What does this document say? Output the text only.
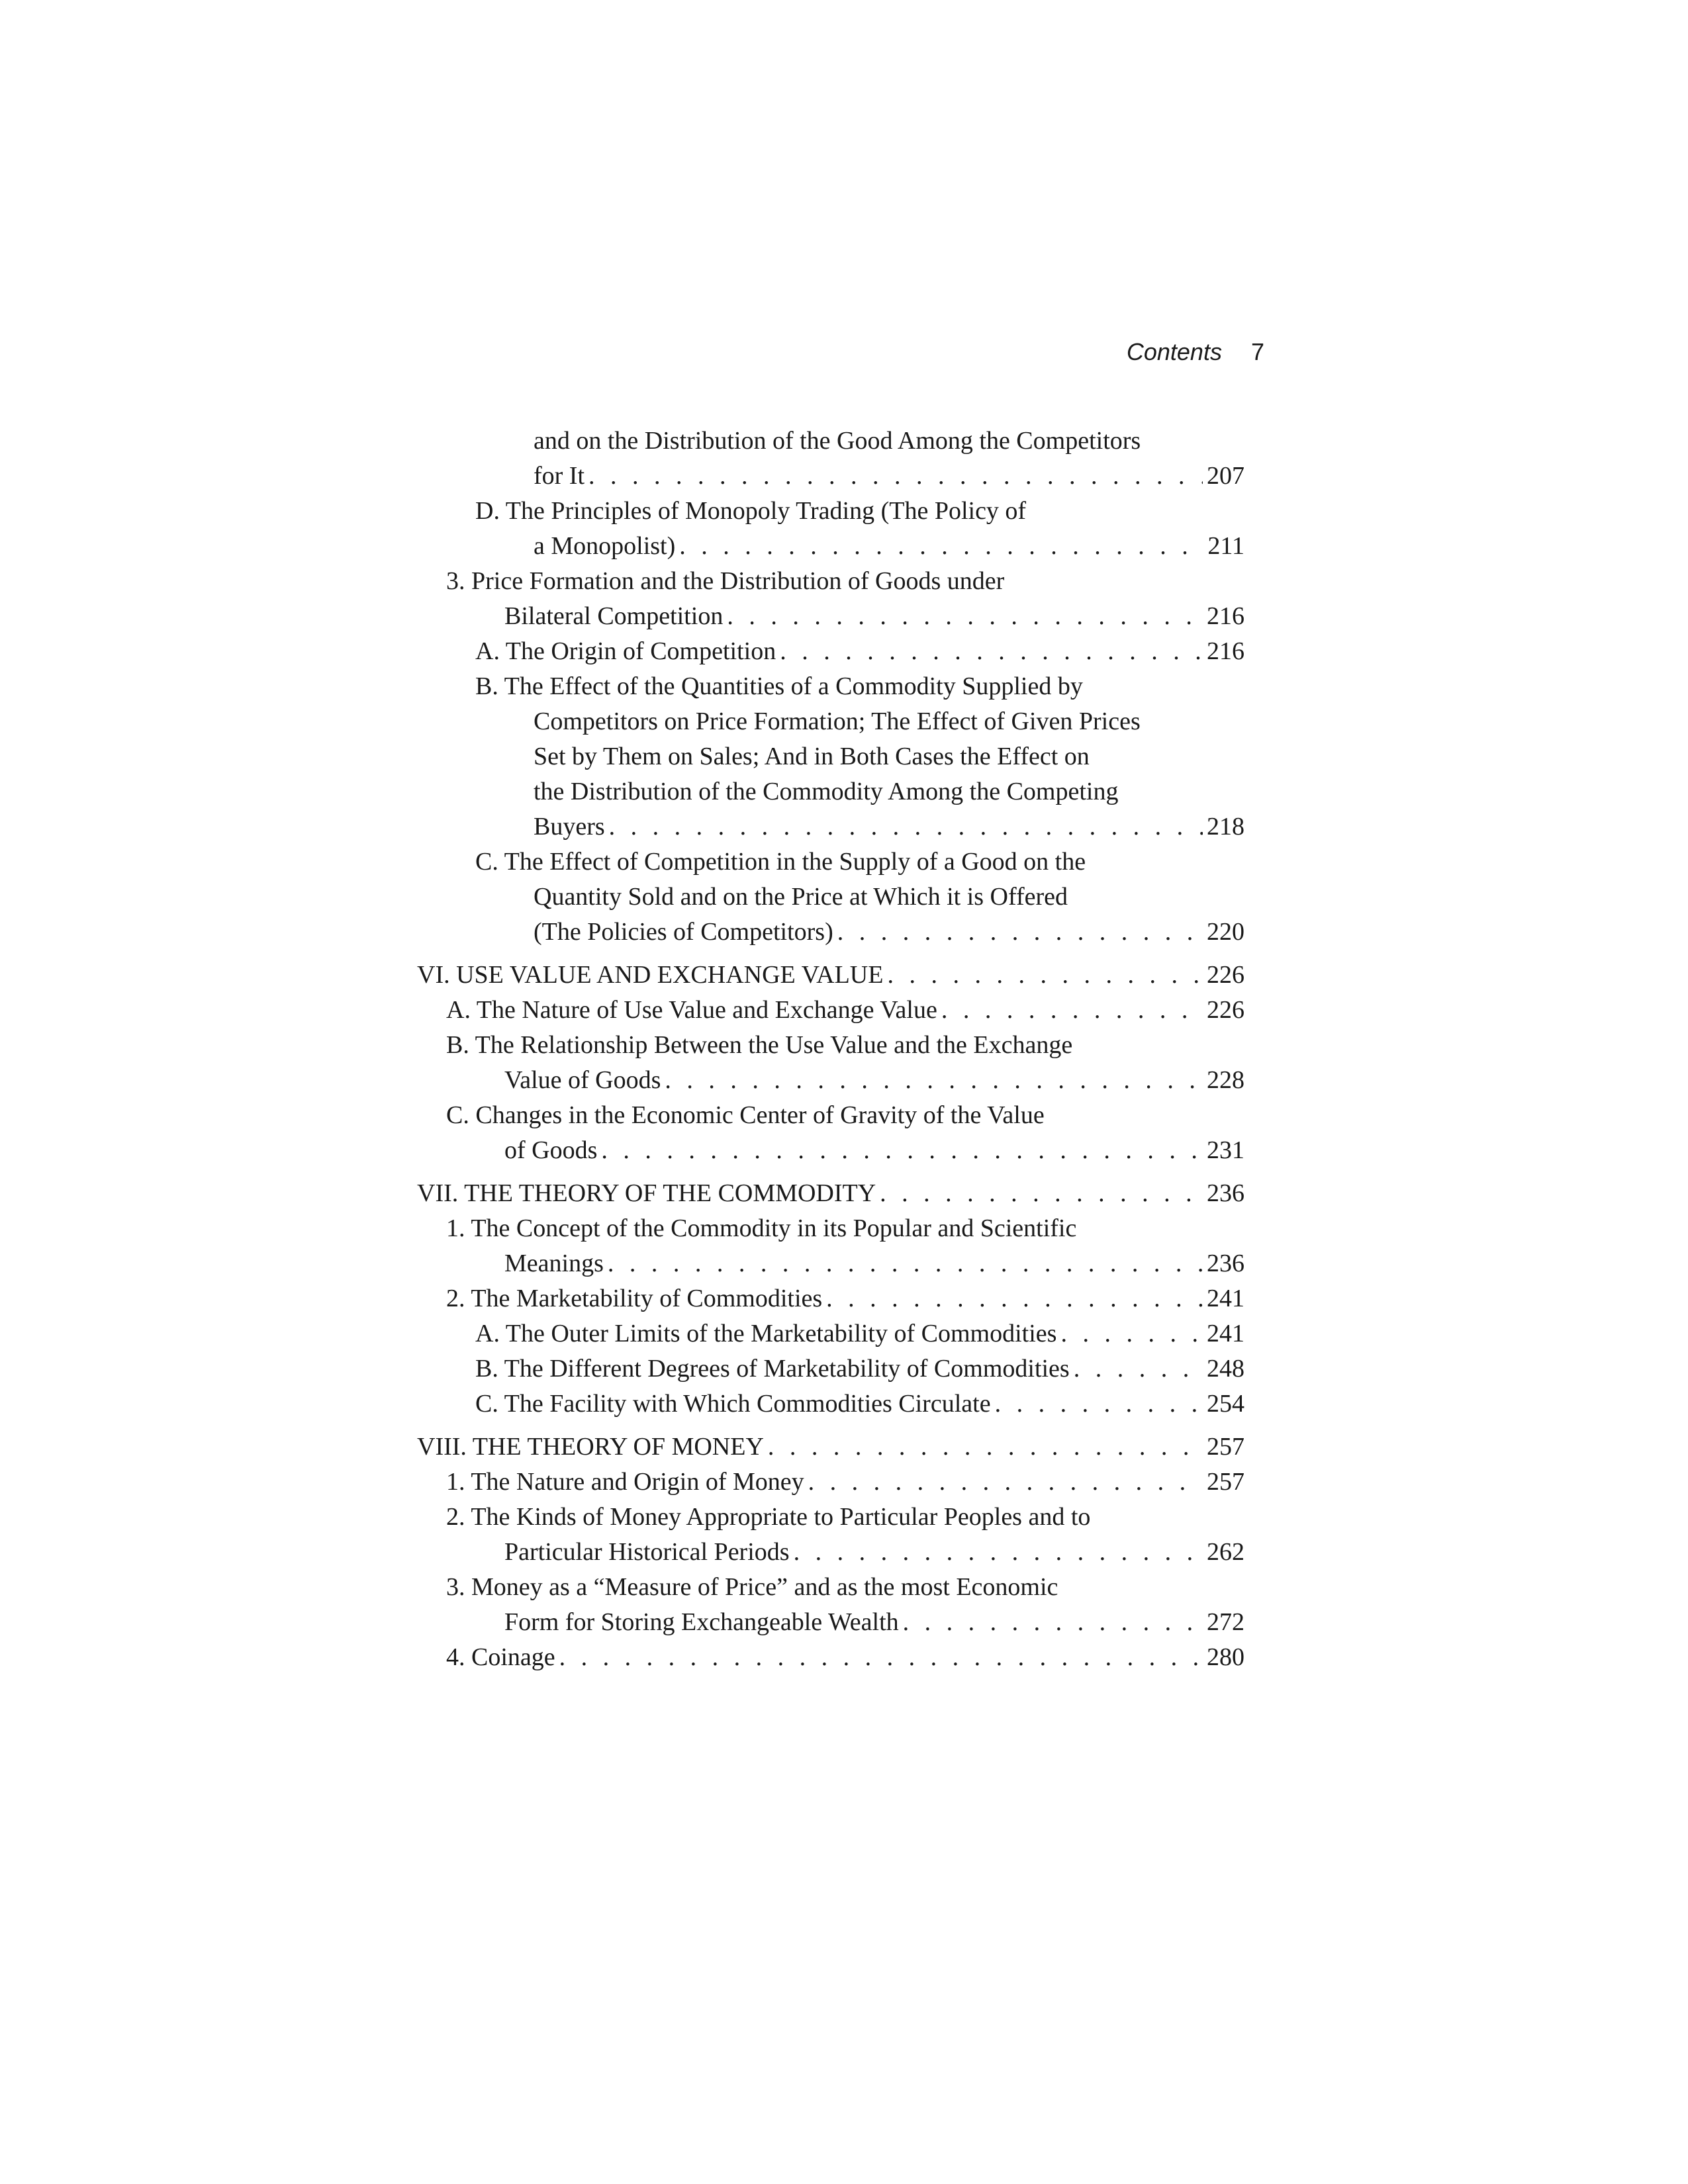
Contents 7
and on the Distribution of the Good Among the Competitors
for It . . .	207
D. The Principles of Monopoly Trading (The Policy of
a Monopolist) . . .	211
3. Price Formation and the Distribution of Goods under
Bilateral Competition . . .	216
A. The Origin of Competition . . .	216
B. The Effect of the Quantities of a Commodity Supplied by
Competitors on Price Formation; The Effect of Given Prices
Set by Them on Sales; And in Both Cases the Effect on
the Distribution of the Commodity Among the Competing
Buyers . . .	218
C. The Effect of Competition in the Supply of a Good on the
Quantity Sold and on the Price at Which it is Offered
(The Policies of Competitors) . . .	220
VI. USE VALUE AND EXCHANGE VALUE . . .	226
A. The Nature of Use Value and Exchange Value . . .	226
B. The Relationship Between the Use Value and the Exchange
Value of Goods . . .	228
C. Changes in the Economic Center of Gravity of the Value
of Goods . . .	231
VII. THE THEORY OF THE COMMODITY . . .	236
1. The Concept of the Commodity in its Popular and Scientific
Meanings . . .	236
2. The Marketability of Commodities . . .	241
A. The Outer Limits of the Marketability of Commodities . . .	241
B. The Different Degrees of Marketability of Commodities . . .	248
C. The Facility with Which Commodities Circulate . . .	254
VIII. THE THEORY OF MONEY . . .	257
1. The Nature and Origin of Money . . .	257
2. The Kinds of Money Appropriate to Particular Peoples and to
Particular Historical Periods . . .	262
3. Money as a “Measure of Price” and as the most Economic
Form for Storing Exchangeable Wealth . . .	272
4. Coinage . . .	280
